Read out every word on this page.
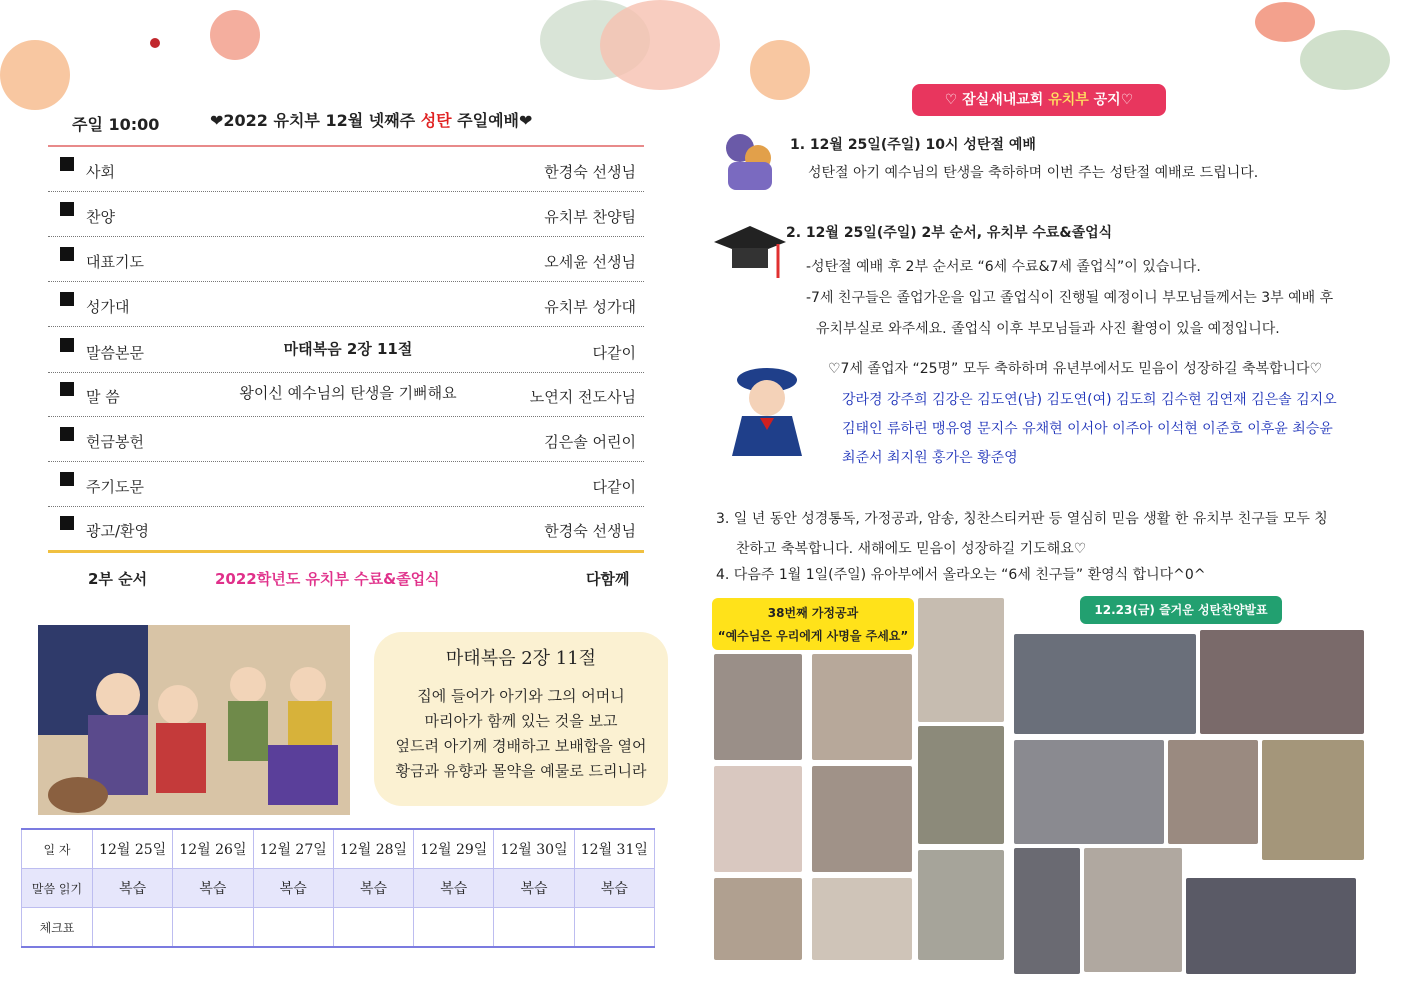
주일 10:00	❤2022 유치부 12월 넷째주 성탄 주일예배❤
사회	한경숙 선생님
찬양	유치부 찬양팀
대표기도	오세윤 선생님
성가대	유치부 성가대
말씀본문	마태복음 2장 11절	다같이
말 씀	왕이신 예수님의 탄생을 기뻐해요	노연지 전도사님
헌금봉헌	김은솔 어린이
주기도문	다같이
광고/환영	한경숙 선생님
2부 순서	2022학년도 유치부 수료&졸업식	다함께
마태복음 2장 11절
집에 들어가 아기와 그의 어머니
마리아가 함께 있는 것을 보고
엎드려 아기께 경배하고 보배합을 열어
황금과 유향과 몰약을 예물로 드리니라
일 자	12월 25일	12월 26일	12월 27일	12월 28일	12월 29일	12월 30일	12월 31일
말씀 읽기	복습	복습	복습	복습	복습	복습	복습
체크표							
♡ 잠실새내교회 유치부 공지♡
1. 12월 25일(주일) 10시 성탄절 예배
성탄절 아기 예수님의 탄생을 축하하며 이번 주는 성탄절 예배로 드립니다.
2. 12월 25일(주일) 2부 순서, 유치부 수료&졸업식
-성탄절 예배 후 2부 순서로 “6세 수료&7세 졸업식”이 있습니다.
-7세 친구들은 졸업가운을 입고 졸업식이 진행될 예정이니 부모님들께서는 3부 예배 후
유치부실로 와주세요. 졸업식 이후 부모님들과 사진 촬영이 있을 예정입니다.
♡7세 졸업자 “25명” 모두 축하하며 유년부에서도 믿음이 성장하길 축복합니다♡
강라경 강주희 김강은 김도연(남) 김도연(여) 김도희 김수현 김연재 김은솔 김지오
김태인 류하린 맹유영 문지수 유채현 이서아 이주아 이석현 이준호 이후윤 최승윤
최준서 최지원 홍가은 황준영
3. 일 년 동안 성경통독, 가정공과, 암송, 칭찬스티커판 등 열심히 믿음 생활 한 유치부 친구들 모두 칭
찬하고 축복합니다. 새해에도 믿음이 성장하길 기도해요♡
4. 다음주 1월 1일(주일) 유아부에서 올라오는 “6세 친구들” 환영식 합니다^0^
38번째 가정공과
“예수님은 우리에게 사명을 주세요”
12.23(금) 즐거운 성탄찬양발표
